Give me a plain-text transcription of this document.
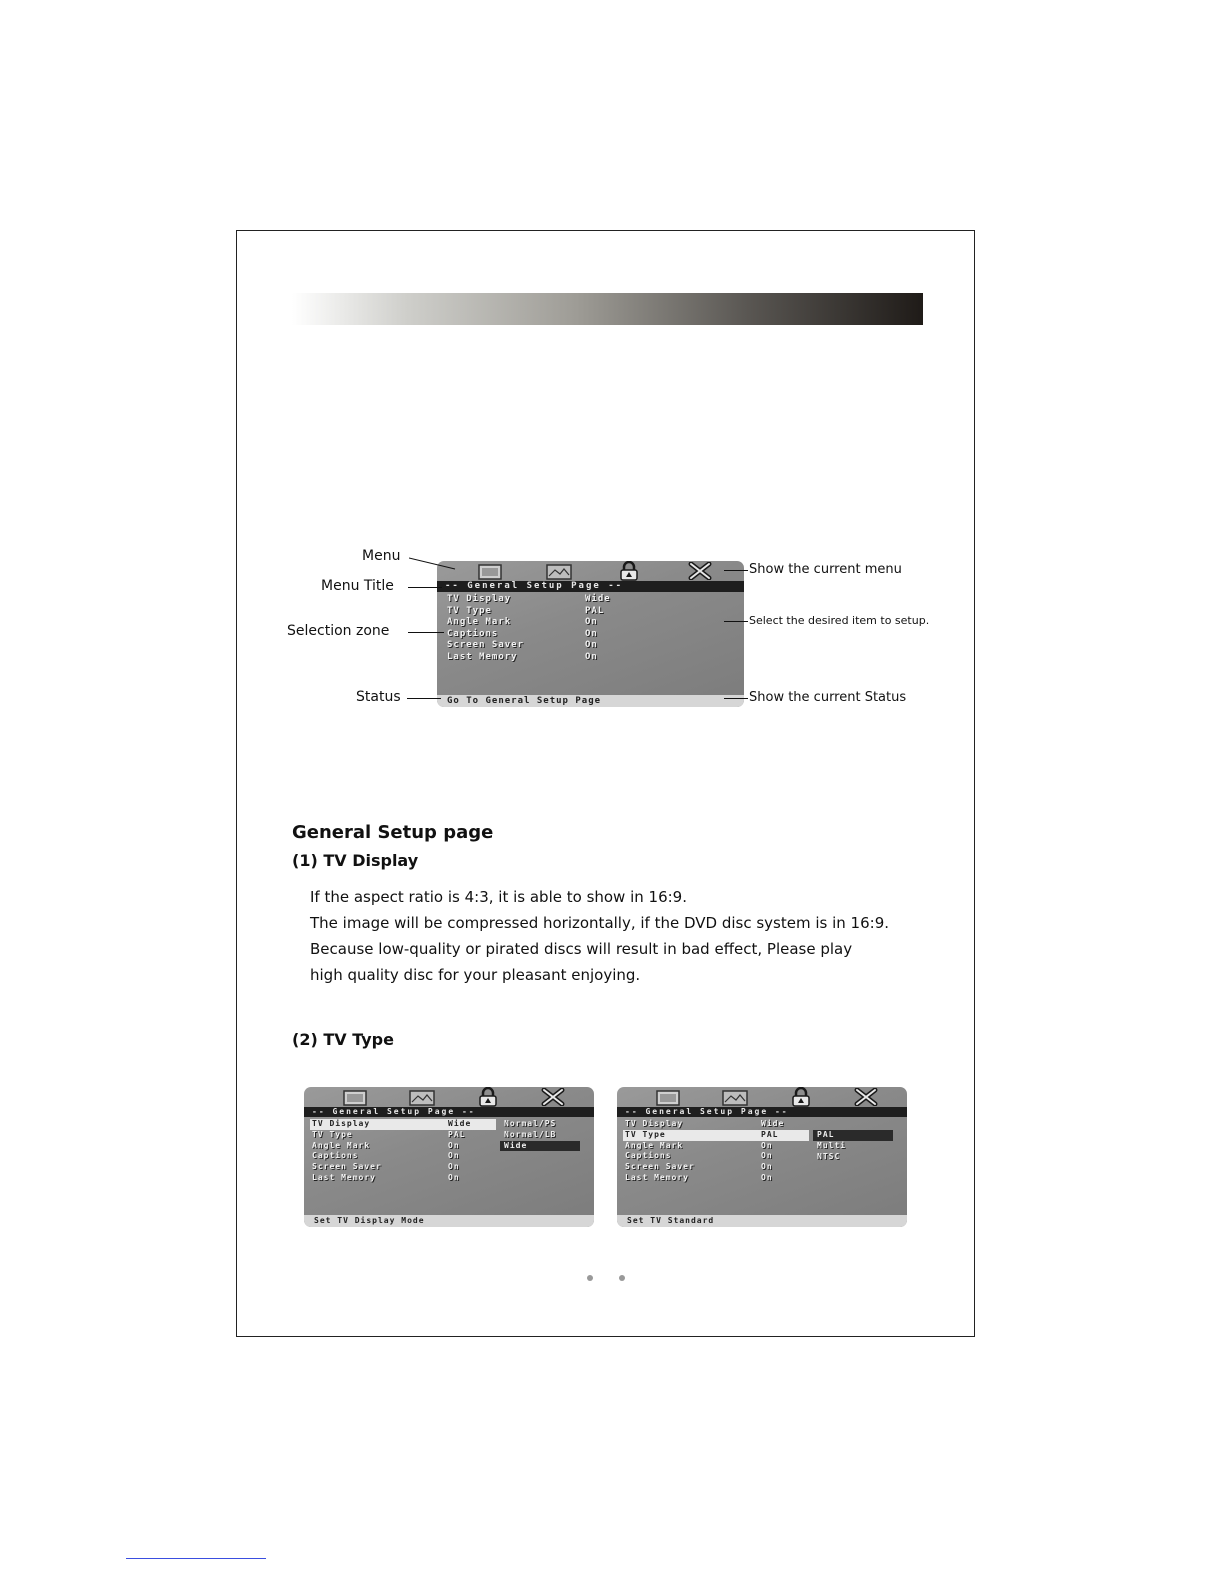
-- General Setup Page --
TV Display	Wide
TV Type	PAL
Angle Mark	On
Captions	On
Screen Saver	On
Last Memory	On
Go To General Setup Page
Menu
Menu Title
Selection zone
Status
Show the current menu
Select the desired item to setup.
Show the current Status
General Setup page
(1) TV Display
If the aspect ratio is 4:3, it is able to show in 16:9.
The image will be compressed horizontally, if the DVD disc system is in 16:9.
Because low-quality or pirated discs will result in bad effect, Please play
high quality disc for your pleasant enjoying.
(2) TV Type
-- General Setup Page --
TV Display	Wide
TV Type	PAL
Angle Mark	On
Captions	On
Screen Saver	On
Last Memory	On
Normal/PS
Normal/LB
Wide
Set TV Display Mode
-- General Setup Page --
TV Display	Wide
TV Type	PAL
Angle Mark	On
Captions	On
Screen Saver	On
Last Memory	On
PAL
Multi
NTSC
Set TV Standard
